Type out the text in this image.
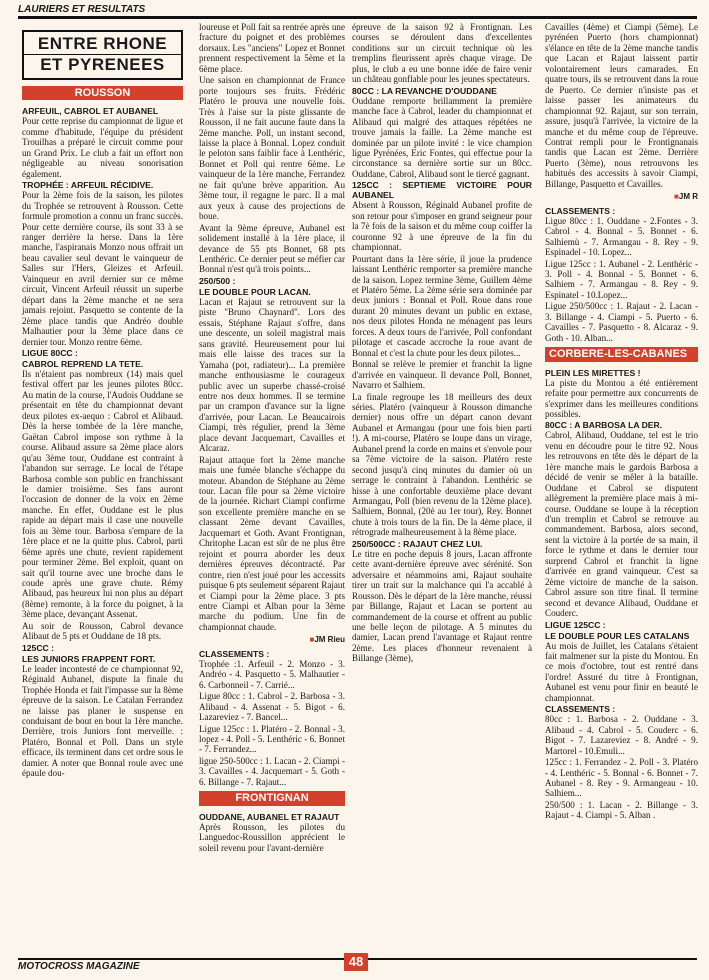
LAURIERS ET RESULTATS
ENTRE RHONE
ET PYRENEES
ROUSSON
ARFEUIL, CABROL ET AUBANEL

Pour cette reprise du campionnat de ligue et comme d'habitude, l'équipe du président Trouilhas a préparé le circuit comme pour un Grand Prix. Le club a fait un effort non négligeable au niveau sonorisation également.

TROPHÉE : ARFEUIL RÉCIDIVE.

Pour la 2ème fois de la saison, les pilotes du Trophée se retrouvent à Rousson. Cette formule promotion a connu un franc succès. Pour cette dernière course, ils sont 33 à se ranger derrière la herse. Dans la 1ère manche, l'aspiranais Monzo nous offrait un beau cavalier seul devant le vainqueur de Salles sur l'Hers, Gleizes et Arfeuil. Vainqueur en avril dernier sur ce même circuit, Vincent Arfeuil réussit un superbe départ dans la 2ème manche et ne sera jamais rejoint. Pasquetto se contente de la 2ème place tandis que Andréo double Malhautier pour la 3ème place dans ce dernier tour. Monzo rentre 6ème.

LIGUE 80CC :
CABROL REPREND LA TETE.

Ils n'étaient pas nombreux (14) mais quel festival offert par les jeunes pilotes 80cc. Au matin de la course, l'Audois Ouddane se présentait en tête du championnat devant deux pilotes ex-aequo : Cabrol et Alibaud. Dès la herse tombée de la 1ère manche, Gaëtan Cabrol impose son rythme à la course. Alibaud assure sa 2ème place alors qu'au 3ème tour, Ouddane est contraint à l'abandon sur serrage. Le local de l'étape Barbosa comble son public en franchissant le damier troisième. Ses fans auront l'occasion de donner de la voix en 2ème manche. En effet, Ouddane est le plus rapide au départ mais il case une nouvelle fois au 3ème tour. Barbosa s'empare de la 1ère place et ne la quitte plus. Cabrol, parti 6ème après une chute, revient rapidement pour terminer 2ème. Bel exploit, quant on sait qu'il tourne avec une broche dans le coude après une grave chute. Rémy Alibaud, pas heureux lui non plus au départ (8ème) remonte, à la force du poignet, à la 3ème place, devançant Assenat.

Au soir de Rousson, Cabrol devance Alibaut de 5 pts et Ouddane de 18 pts.

125CC :
LES JUNIORS FRAPPENT FORT.

Le leader incontesté de ce championnat 92, Réginald Aubanel, dispute la finale du Trophée Honda et fait l'impasse sur la 8ème épreuve de la saison. Le Catalan Ferrandez ne laisse pas planer le suspense en conduisant de bout en bout la 1ère manche. Derrière, trois Juniors font merveille. : Platéro, Bonnal et Poll. Dans un style efficace, ils terminent dans cet ordre sous le damier. A noter que Bonnal roule avec une épaule dou-

loureuse et Poll fait sa rentrée après une fracture du poignet et des problèmes dorsaux. Les "anciens" Lopez et Bonnet prennent respectivement la 5ème et la 6ème place.

Une saison en championnat de France porte toujours ses fruits. Frédéric Platéro le prouva une nouvelle fois. Très à l'aise sur la piste glissante de Rousson, il ne fait aucune faute dans la 2ème manche. Poll, un instant second, laisse la place à Bonnal. Lopez conduit le peloton sans faiblir face à Lenthéric, Bonnet et Poll qui rentre 6ème. Le vainqueur de la 1ère manche, Ferrandez ne fait qu'une brève apparition. Au 3ème tour, il regagne le parc. Il a mal aux yeux à cause des projections de boue.

Avant la 9ème épreuve, Aubanel est solidement installé à la 1ère place, il devance de 55 pts Bonnet, 68 pts Lenthéric. Ce dernier peut se méfier car Bonnal n'est qu'à trois points...

250/500 :
LE DOUBLE POUR LACAN.

Lacan et Rajaut se retrouvent sur la piste "Bruno Chaynard". Lors des essais, Stéphane Rajaut s'offre, dans une descente, un soleil magistral mais sans gravité. Heureusement pour lui mais elle laisse des traces sur la Yamaha (pot, radiateur)... La première manche enthousiasme le courageux public avec un superbe chassé-croisé entre nos deux hommes. Il se termine par un crampon d'avance sur la ligne d'arrivée, pour Lacan. Le Beaucairois Ciampi, très régulier, prend la 3ème place devant Jacquemart, Cavailles et Alcaraz.

Rajaut attaque fort la 2ème manche mais une fumée blanche s'échappe du moteur. Abandon de Stéphane au 2ème tour. Lacan file pour sa 2ème victoire de la journée. Richart Ciampi confirme son excellente première manche en se classant 2ème devant Cavailles, Jacquemart et Goth. Avant Frontignan, Chritophe Lacan est sûr de ne plus être rejoint et pourra aborder les deux dernières épreuves décontracté. Par contre, rien n'est joué pour les accessits puisque 6 pts seulement séparent Rajaut et Ciampi pour la 2ème place. 3 pts entre Ciampi et Alban pour la 3ème marche du podium. Une fin de championnat chaude.

■ JM Rieu
CLASSEMENTS :

Trophée :1. Arfeuil - 2. Monzo - 3. Andréo - 4. Pasquetto - 5. Malhautier - 6. Carbonneil - 7. Carrié...

Ligue 80cc : 1. Cabrol - 2. Barbosa - 3. Alibaud - 4. Assenat - 5. Bigot - 6. Lazareviez - 7. Bancel...

Ligue 125cc : 1. Platéro - 2. Bonnal - 3. lopez - 4. Poll - 5. Lenthéric - 6. Bonnet - 7. Ferrandez...

ligue 250-500cc : 1. Lacan - 2. Ciampi - 3. Cavailles - 4. Jacquemart - 5. Goth - 6. Billange - 7. Rajaut...

FRONTIGNAN
OUDDANE, AUBANEL ET RAJAUT

Après Rousson, les pilotes du Languedoc-Roussillon apprécient le soleil revenu pour l'avant-dernière

épreuve de la saison 92 à Frontignan. Les courses se déroulent dans d'excellentes conditions sur un circuit technique où les tremplins fleurissent après chaque virage. De plus, le club a eu une bonne idée de faire venir un château gonflable pour les jeunes spectateurs.

80CC : LA REVANCHE D'OUDDANE

Ouddane remporte brillamment la première manche face à Cabrol, leader du championnat et Alibaud qui malgré des attaques répétées ne trouve jamais la faille. La 2ème manche est dominée par un pilote invité : le vice champion ligue Pyrénées, Eric Fontes, qui effectue pour la circonstance sa dernière sortie sur un 80cc. Ouddane, Cabrol, Alibaud sont le tiercé gagnant.

125CC : SEPTIEME VICTOIRE POUR AUBANEL

Absent à Rousson, Réginald Aubanel profite de son retour pour s'imposer en grand seigneur pour la 7è fois de la saison et du même coup coiffer la couronne 92 à une épreuve de la fin du championnat.

Pourtant dans la 1ère série, il joue la prudence laissant Lenthéric remporter sa première manche de la saison. Lopez termine 3ème, Guillem 4ème et Platéro 5ème. La 2ème série sera dominée par deux juniors : Bonnal et Poll. Roue dans roue durant 20 minutes devant un public en extase, nos deux pilotes Honda ne ménagent pas leurs forces. A deux tours de l'arrivée, Poll confondant pilotage et cascade accroche la roue avant de Bonnal et c'est la chute pour les deux pilotes...

Bonnal se relève le premier et franchit la ligne d'arrivée en vainqueur. Il devance Poll, Bonnet, Navarro et Salhiem.

La finale regroupe les 18 meilleurs des deux séries. Platéro (vainqueur à Rousson dimanche dernier) nous offre un départ canon devant Aubanel et Armangau (pour une fois bien parti !). A mi-course, Platéro se loupe dans un virage, Aubanel prend la corde en mains et s'envole pour sa 7ème victoire de la saison. Platéro reste second jusqu'à cinq minutes du damier où un serrage le contraint à l'abandon. Lenthéric se hisse à une confortable deuxième place devant Armangau, Poll (bien revenu de la 12ème place). Salhiem, Bonnal, (20è au 1er tour), Rey. Bonnet chute à trois tours de la fin. De la 4ème place, il rétrograde malheureusement à la 8ème place.

250/500CC : RAJAUT CHEZ LUI.

Le titre en poche depuis 8 jours, Lacan affronte cette avant-dernière épreuve avec sérénité. Son adversaire et néammoins ami, Rajaut souhaite tirer un trait sur la malchance qui l'a accablé à Rousson. Dès le départ de la 1ère manche, réussi par Billange, Rajaut et Lacan se portent au commandement de la course et offrent au public une belle leçon de pilotage. A 5 minutes du damier, Lacan prend l'avantage et Rajaut rentre 2ème. Les places d'honneur revenaient à Billange (3ème),

Cavailles (4ème) et Ciampi (5ème). Le pyrénéen Puerto (hors championnat) s'élance en tête de la 2ème manche tandis que Lacan et Rajaut laissent partir volontairement leurs camarades. En quatre tours, ils se retrouvent dans la roue de Puerto. Ce dernier n'insiste pas et laisse passer les animateurs du championnat 92. Rajaut, sur son terrain, assure, jusqu'à l'arrivée, la victoire de la manche et du même coup de l'épreuve. Contrat rempli pour le Frontignanais tandis que Lacan est 2ème. Derrière Puerto (3ème), nous retrouvons les habitués des accessits à savoir Ciampi, Billange, Pasquetto et Cavailles.

■ JM R
CLASSEMENTS :

Ligue 80cc : 1. Ouddane - 2.Fontes - 3. Cabrol - 4. Bonnal - 5. Bonnet - 6. Salhiemù - 7. Armangau - 8. Rey - 9. Espinadel - 10. Lopez...

Ligue 125cc : 1. Aubanel - 2. Lenthéric - 3. Poll - 4. Bonnal - 5. Bonnet - 6. Salhiem - 7. Armangau - 8. Rey - 9. Espinatel - 10.Lopez...

Ligue 250/500cc : 1. Rajaut - 2. Lacan - 3. Billange - 4. Ciampi - 5. Puerto - 6. Cavailles - 7. Pasquetto - 8. Alcaraz - 9. Goth - 10. Alban...

CORBERE-LES-CABANES
PLEIN LES MIRETTES !

La piste du Montou a été entièrement refaite pour permettre aux concurrents de s'exprimer dans les meilleures conditions possibles.

80CC : A BARBOSA LA DER.

Cabrol, Alibaud, Ouddane, tel est le trio venu en découdre pour le titre 92. Nous les retrouvons en tête dès le départ de la 1ère manche mais le gardois Barbosa a décidé de venir se mêler à la bataille. Ouddane et Cabrol se disputent allègrement la première place mais à mi-course. Ouddane se loupe à la réception d'un tremplin et Cabrol se retrouve au commandement. Barbosa, alors second, sent la victoire à la portée de sa main, il force le rythme et dans le dernier tour surprend Cabrol et franchit la ligne d'arrivée en grand vainqueur. C'est sa 2ème victoire de manche de la saison. Cabrol assure son titre final. Il termine second et devance Alibaud, Ouddane et Couderc.

LIGUE 125CC :
LE DOUBLE POUR LES CATALANS

Au mois de Juillet, les Catalans s'étaient fait malmener sur la piste du Montou. En ce mois d'octobre, tout est rentré dans l'ordre! Assuré du titre à Frontignan, Aubanel est venu pour finir en beauté le championnat.

CLASSEMENTS :

80cc : 1. Barbosa - 2. Ouddane - 3. Alibaud - 4. Cabrol - 5. Couderc - 6. Bigot - 7. Lazareviez - 8. André - 9. Martorel - 10.Emuli...

125cc : 1. Ferrandez - 2. Poll - 3. Platéro - 4. Lenthéric - 5. Bonnal - 6. Bonnet - 7. Aubanel - 8. Rey - 9. Armangeau - 10. Salhiem...

250/500 : 1. Lacan - 2. Billange - 3. Rajaut - 4. Ciampi - 5. Alban .

MOTOCROSS MAGAZINE	48
